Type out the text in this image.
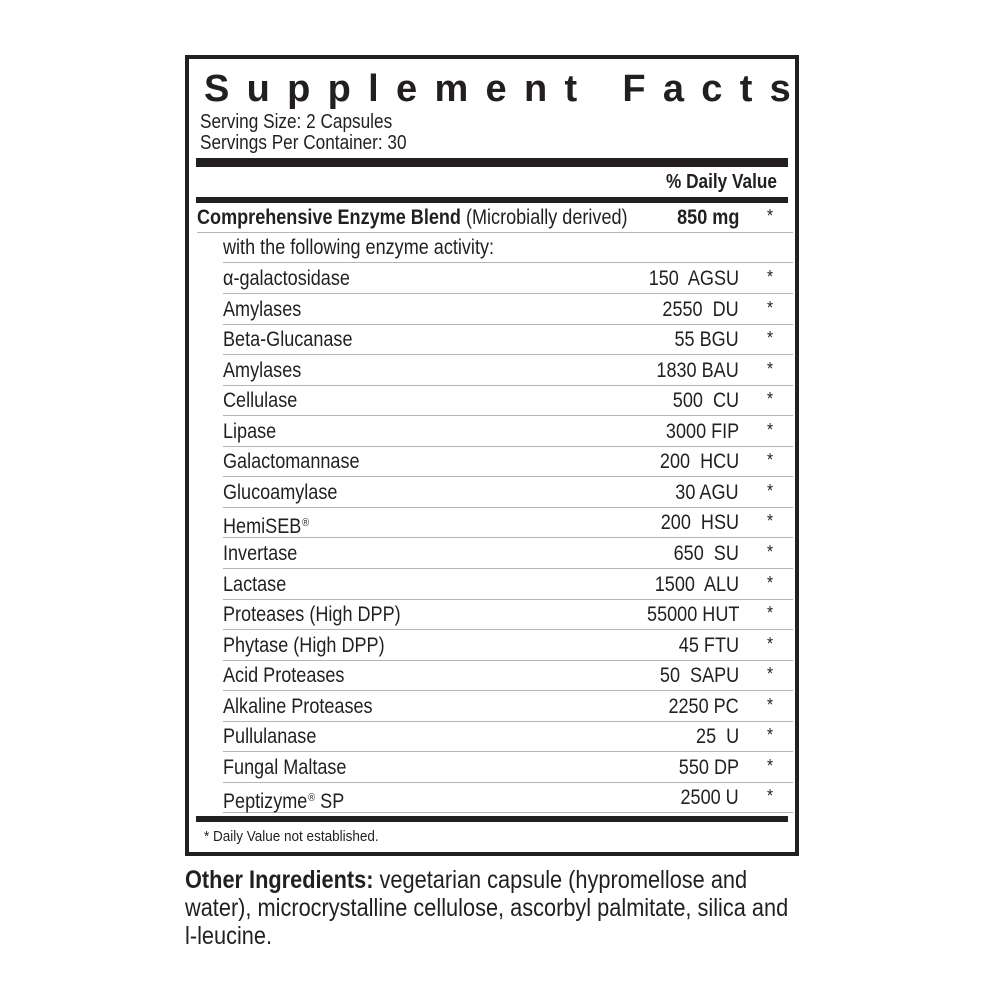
Supplement Facts
Serving Size: 2 Capsules
Servings Per Container: 30
% Daily Value
Comprehensive Enzyme Blend (Microbially derived) 850 mg *
with the following enzyme activity:
α-galactosidase	150  AGSU *
Amylases	2550  DU *
Beta-Glucanase	55 BGU *
Amylases	1830 BAU *
Cellulase	500  CU *
Lipase	3000 FIP *
Galactomannase	200  HCU *
Glucoamylase	30 AGU *
HemiSEB®	200  HSU *
Invertase	650  SU *
Lactase	1500  ALU *
Proteases (High DPP)	55000 HUT *
Phytase (High DPP)	45 FTU *
Acid Proteases	50  SAPU *
Alkaline Proteases	2250 PC *
Pullulanase	25  U *
Fungal Maltase	550 DP *
Peptizyme® SP	2500 U *
* Daily Value not established.
Other Ingredients: vegetarian capsule (hypromellose and water), microcrystalline cellulose, ascorbyl palmitate, silica and l-leucine.
